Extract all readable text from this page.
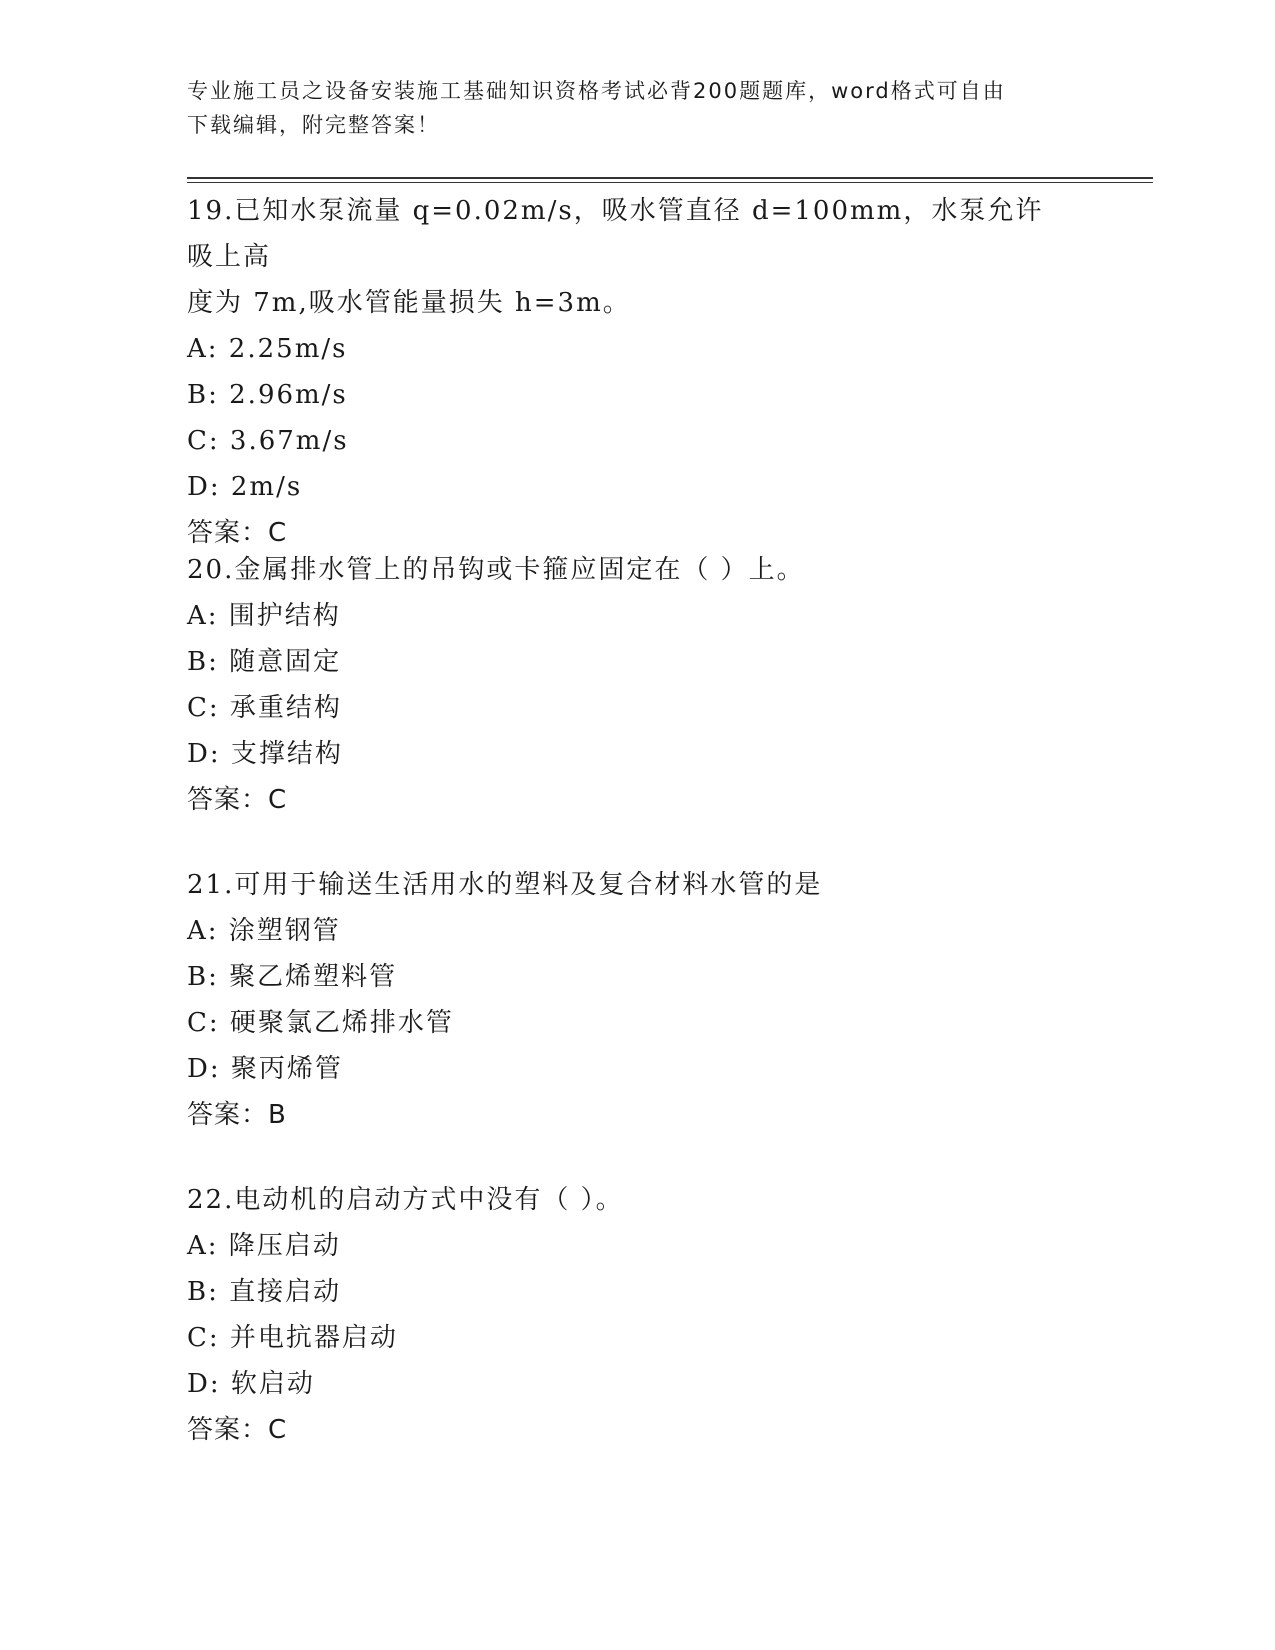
专业施工员之设备安装施工基础知识资格考试必背200题题库，word格式可自由
下载编辑，附完整答案！
19.已知水泵流量 q=0.02m/s，吸水管直径 d=100mm，水泵允许吸上高
度为 7m,吸水管能量损失 h=3m。
A: 2.25m/s
B: 2.96m/s
C: 3.67m/s
D: 2m/s
答案：C
20.金属排水管上的吊钩或卡箍应固定在（ ）上。
A: 围护结构
B: 随意固定
C: 承重结构
D: 支撑结构
答案：C
21.可用于输送生活用水的塑料及复合材料水管的是
A: 涂塑钢管
B: 聚乙烯塑料管
C: 硬聚氯乙烯排水管
D: 聚丙烯管
答案：B
22.电动机的启动方式中没有（ ）。
A: 降压启动
B: 直接启动
C: 并电抗器启动
D: 软启动
答案：C
